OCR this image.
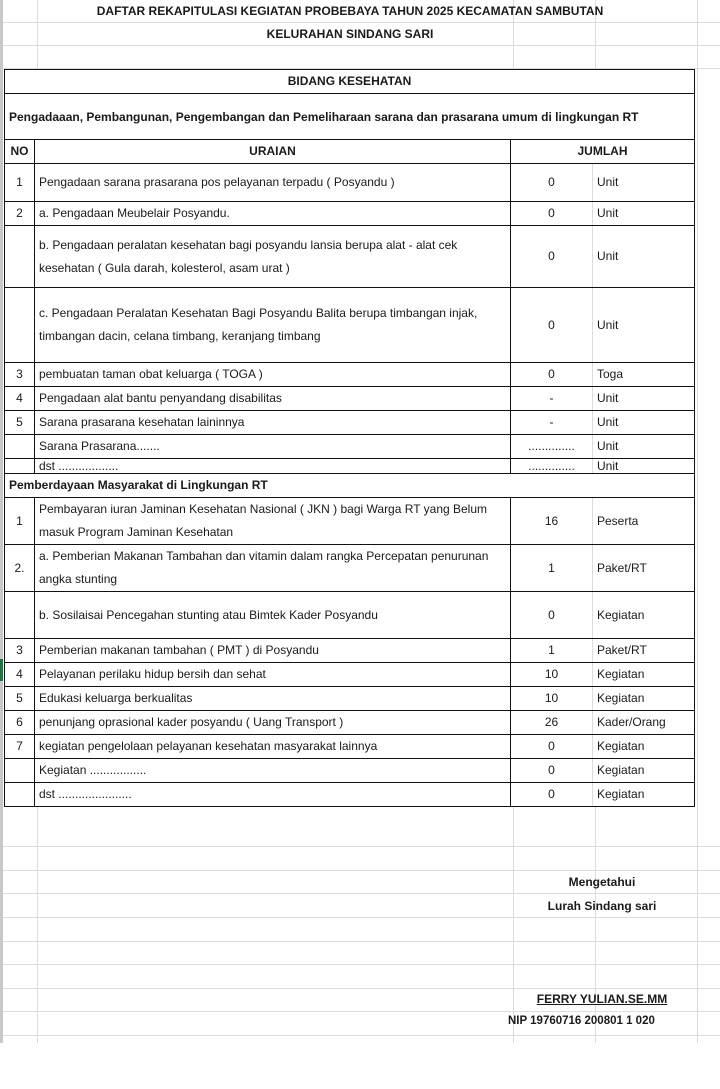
DAFTAR REKAPITULASI KEGIATAN PROBEBAYA TAHUN 2025 KECAMATAN SAMBUTAN
KELURAHAN SINDANG SARI
BIDANG KESEHATAN			
Pengadaaan, Pembangunan, Pengembangan dan Pemeliharaan sarana dan prasarana umum di lingkungan RT			
NO	URAIAN	JUMLAH	
1	Pengadaan sarana prasarana pos pelayanan terpadu ( Posyandu )	0	Unit
2	a. Pengadaan Meubelair Posyandu.	0	Unit
	b. Pengadaan peralatan kesehatan bagi posyandu lansia berupa alat - alat cek kesehatan ( Gula darah, kolesterol, asam urat )	0	Unit
	c. Pengadaan Peralatan Kesehatan Bagi Posyandu Balita berupa timbangan injak, timbangan dacin, celana timbang, keranjang timbang	0	Unit
3	pembuatan taman obat keluarga ( TOGA )	0	Toga
4	Pengadaan alat bantu penyandang disabilitas	-	Unit
5	Sarana prasarana kesehatan laininnya	-	Unit
	Sarana Prasarana.......	..............	Unit
	dst ..................	..............	Unit
Pemberdayaan Masyarakat di Lingkungan RT			
1	Pembayaran iuran Jaminan Kesehatan Nasional ( JKN ) bagi Warga RT yang Belum masuk Program Jaminan Kesehatan	16	Peserta
2.	a. Pemberian Makanan Tambahan dan vitamin dalam rangka Percepatan penurunan angka stunting	1	Paket/RT
	b. Sosilaisai Pencegahan stunting atau Bimtek Kader Posyandu	0	Kegiatan
3	Pemberian makanan tambahan ( PMT ) di Posyandu	1	Paket/RT
4	Pelayanan perilaku hidup bersih dan sehat	10	Kegiatan
5	Edukasi keluarga berkualitas	10	Kegiatan
6	penunjang oprasional kader posyandu ( Uang Transport )	26	Kader/Orang
7	kegiatan pengelolaan pelayanan kesehatan masyarakat lainnya	0	Kegiatan
	Kegiatan .................	0	Kegiatan
	dst ......................	0	Kegiatan
Mengetahui
Lurah Sindang sari
FERRY YULIAN.SE.MM
NIP 19760716 200801 1 020
